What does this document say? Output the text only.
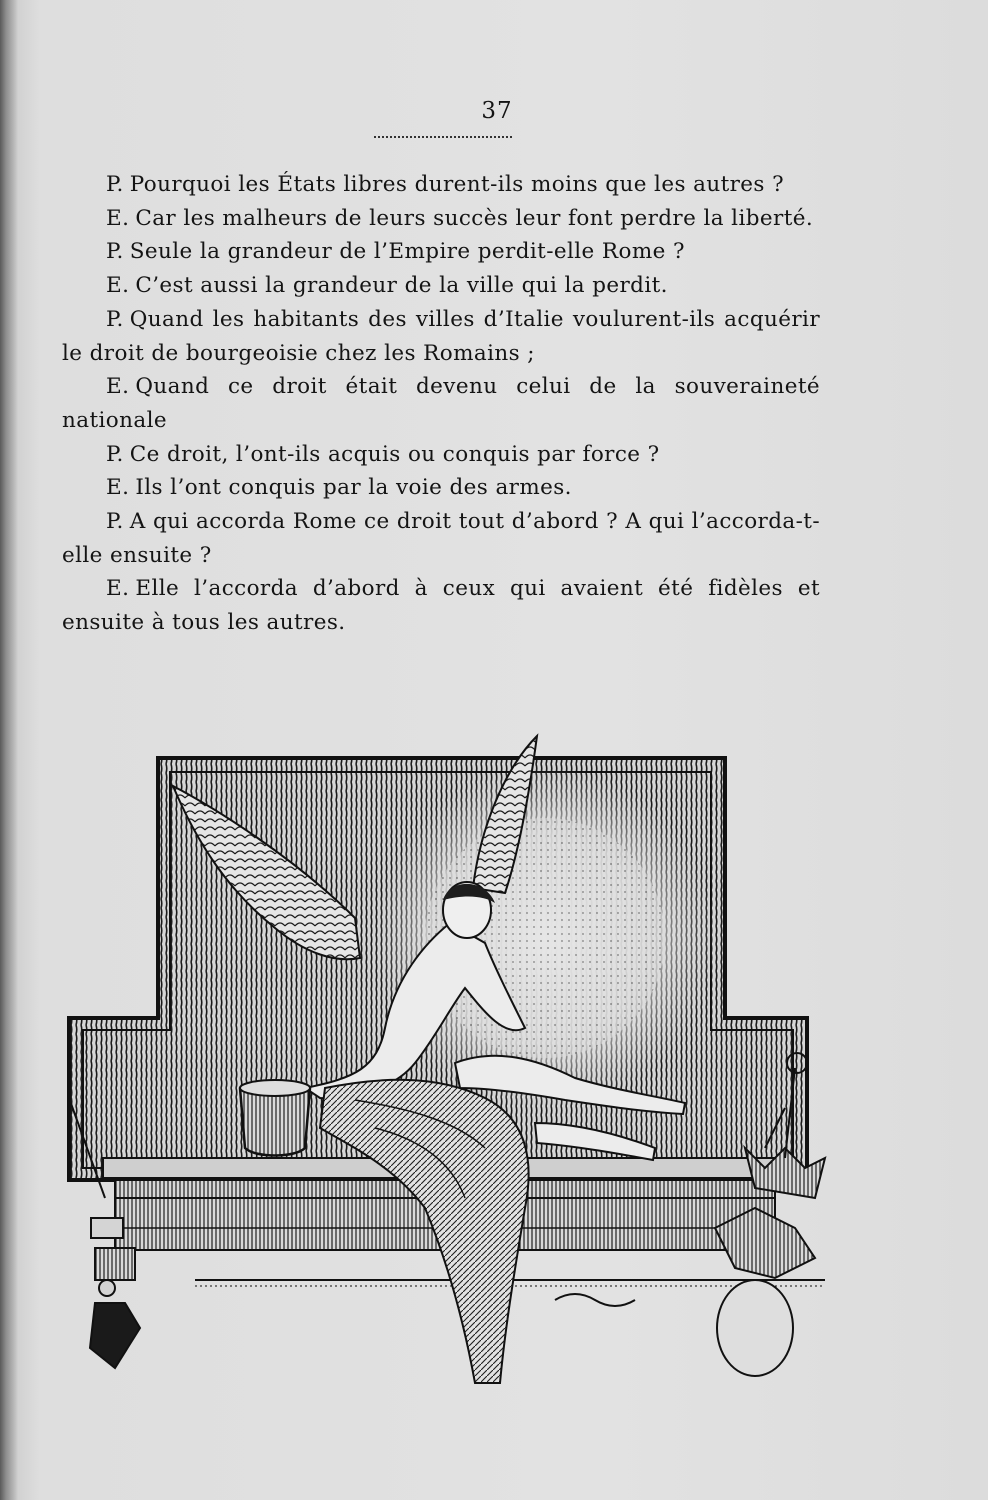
37

P. Pourquoi les États libres durent-ils moins que les autres ?

E. Car les malheurs de leurs succès leur font perdre la liberté.

P. Seule la grandeur de l’Empire perdit-elle Rome ?

E. C’est aussi la grandeur de la ville qui la perdit.

P. Quand les habitants des villes d’Italie voulurent-ils acquérir le droit de bourgeoisie chez les Romains ;

E. Quand ce droit était devenu celui de la souveraineté nationale

P. Ce droit, l’ont-ils acquis ou conquis par force ?

E. Ils l’ont conquis par la voie des armes.

P. A qui accorda Rome ce droit tout d’abord ? A qui l’accorda-t-elle ensuite ?

E. Elle l’accorda d’abord à ceux qui avaient été fidèles et ensuite à tous les autres.
